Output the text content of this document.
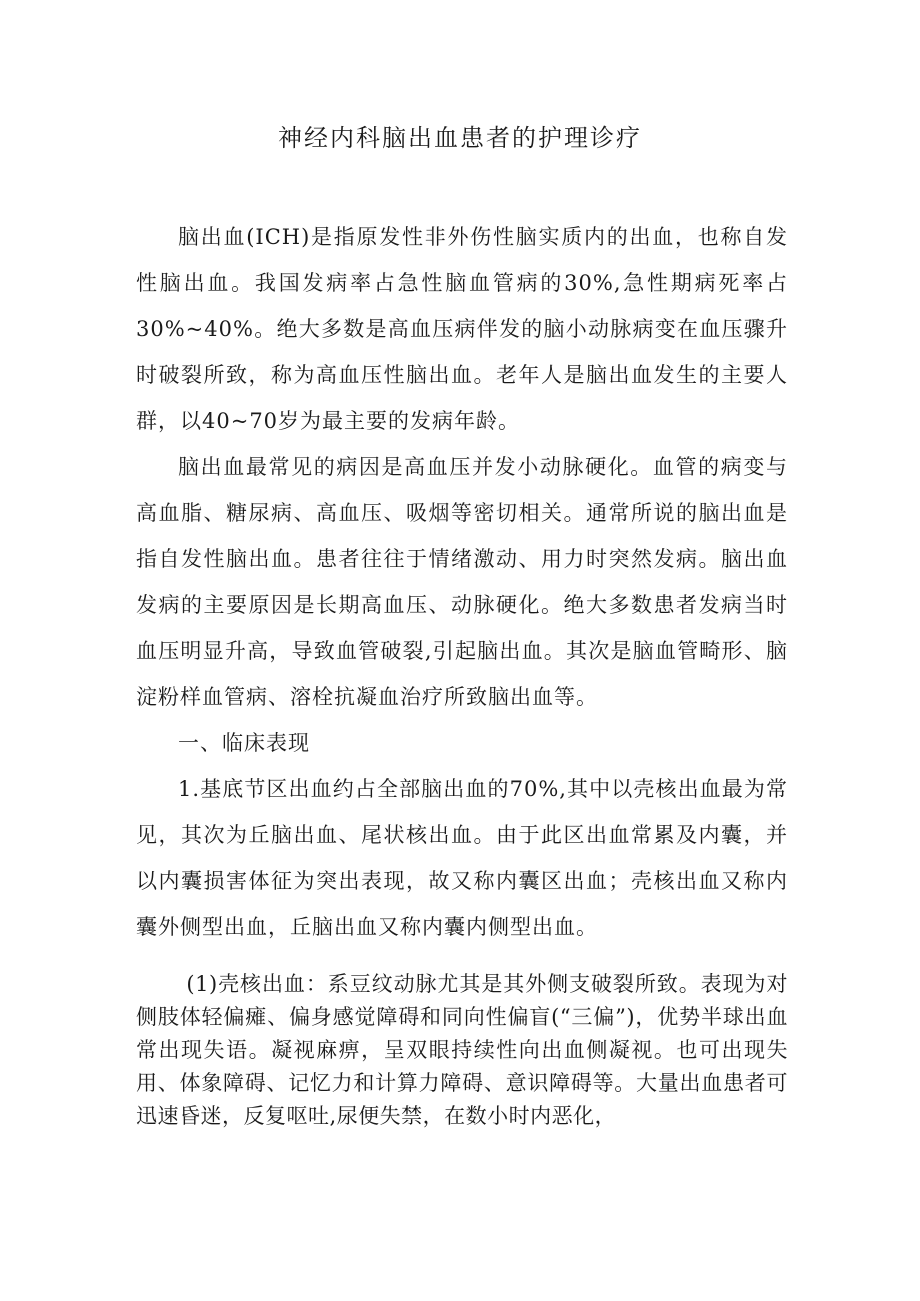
神经内科脑出血患者的护理诊疗

脑出血(ICH)是指原发性非外伤性脑实质内的出血，也称自发性脑出血。我国发病率占急性脑血管病的30%,急性期病死率占30%~40%。绝大多数是高血压病伴发的脑小动脉病变在血压骤升时破裂所致，称为高血压性脑出血。老年人是脑出血发生的主要人群，以40~70岁为最主要的发病年龄。

脑出血最常见的病因是高血压并发小动脉硬化。血管的病变与高血脂、糖尿病、高血压、吸烟等密切相关。通常所说的脑出血是指自发性脑出血。患者往往于情绪激动、用力时突然发病。脑出血发病的主要原因是长期高血压、动脉硬化。绝大多数患者发病当时血压明显升高，导致血管破裂,引起脑出血。其次是脑血管畸形、脑淀粉样血管病、溶栓抗凝血治疗所致脑出血等。

一、临床表现

1.基底节区出血约占全部脑出血的70%,其中以壳核出血最为常见，其次为丘脑出血、尾状核出血。由于此区出血常累及内囊，并以内囊损害体征为突出表现，故又称内囊区出血；壳核出血又称内囊外侧型出血，丘脑出血又称内囊内侧型出血。

(1)壳核出血：系豆纹动脉尤其是其外侧支破裂所致。表现为对侧肢体轻偏瘫、偏身感觉障碍和同向性偏盲(“三偏”)，优势半球出血常出现失语。凝视麻痹，呈双眼持续性向出血侧凝视。也可出现失用、体象障碍、记忆力和计算力障碍、意识障碍等。大量出血患者可迅速昏迷，反复呕吐,尿便失禁，在数小时内恶化，
